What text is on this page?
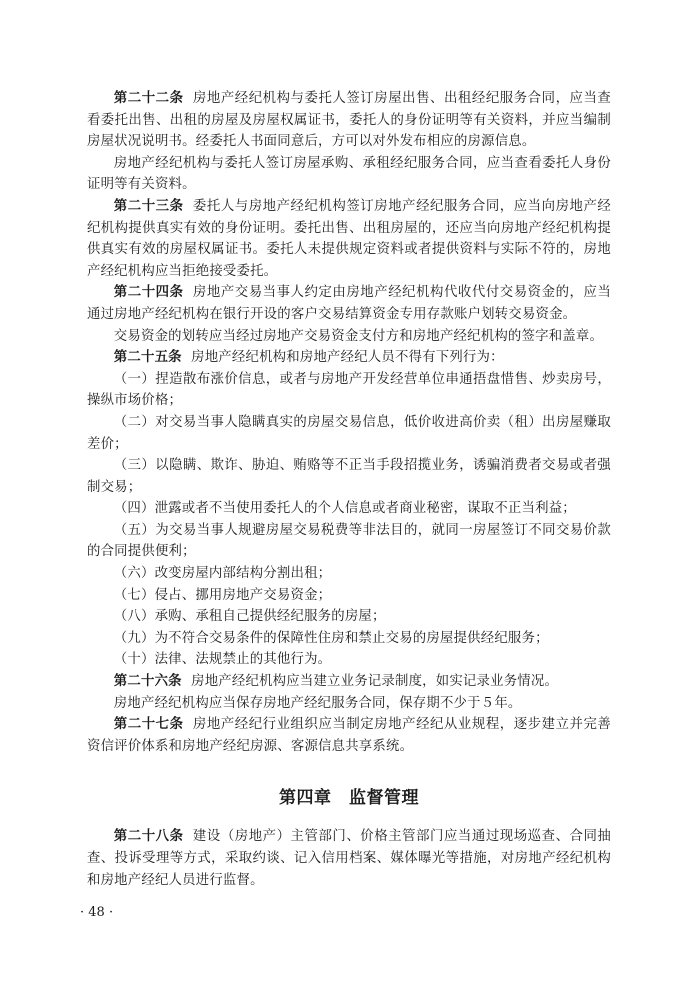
第二十二条 房地产经纪机构与委托人签订房屋出售、出租经纪服务合同，应当查看委托出售、出租的房屋及房屋权属证书，委托人的身份证明等有关资料，并应当编制房屋状况说明书。经委托人书面同意后，方可以对外发布相应的房源信息。

房地产经纪机构与委托人签订房屋承购、承租经纪服务合同，应当查看委托人身份证明等有关资料。

第二十三条 委托人与房地产经纪机构签订房地产经纪服务合同，应当向房地产经纪机构提供真实有效的身份证明。委托出售、出租房屋的，还应当向房地产经纪机构提供真实有效的房屋权属证书。委托人未提供规定资料或者提供资料与实际不符的，房地产经纪机构应当拒绝接受委托。

第二十四条 房地产交易当事人约定由房地产经纪机构代收代付交易资金的，应当通过房地产经纪机构在银行开设的客户交易结算资金专用存款账户划转交易资金。

交易资金的划转应当经过房地产交易资金支付方和房地产经纪机构的签字和盖章。

第二十五条 房地产经纪机构和房地产经纪人员不得有下列行为：

（一）捏造散布涨价信息，或者与房地产开发经营单位串通捂盘惜售、炒卖房号，操纵市场价格；

（二）对交易当事人隐瞒真实的房屋交易信息，低价收进高价卖（租）出房屋赚取差价；

（三）以隐瞒、欺诈、胁迫、贿赂等不正当手段招揽业务，诱骗消费者交易或者强制交易；

（四）泄露或者不当使用委托人的个人信息或者商业秘密，谋取不正当利益；

（五）为交易当事人规避房屋交易税费等非法目的，就同一房屋签订不同交易价款的合同提供便利；

（六）改变房屋内部结构分割出租；

（七）侵占、挪用房地产交易资金；

（八）承购、承租自己提供经纪服务的房屋；

（九）为不符合交易条件的保障性住房和禁止交易的房屋提供经纪服务；

（十）法律、法规禁止的其他行为。

第二十六条 房地产经纪机构应当建立业务记录制度，如实记录业务情况。

房地产经纪机构应当保存房地产经纪服务合同，保存期不少于５年。

第二十七条 房地产经纪行业组织应当制定房地产经纪从业规程，逐步建立并完善资信评价体系和房地产经纪房源、客源信息共享系统。

第四章　监督管理

第二十八条 建设（房地产）主管部门、价格主管部门应当通过现场巡查、合同抽查、投诉受理等方式，采取约谈、记入信用档案、媒体曝光等措施，对房地产经纪机构和房地产经纪人员进行监督。

· 48 ·
